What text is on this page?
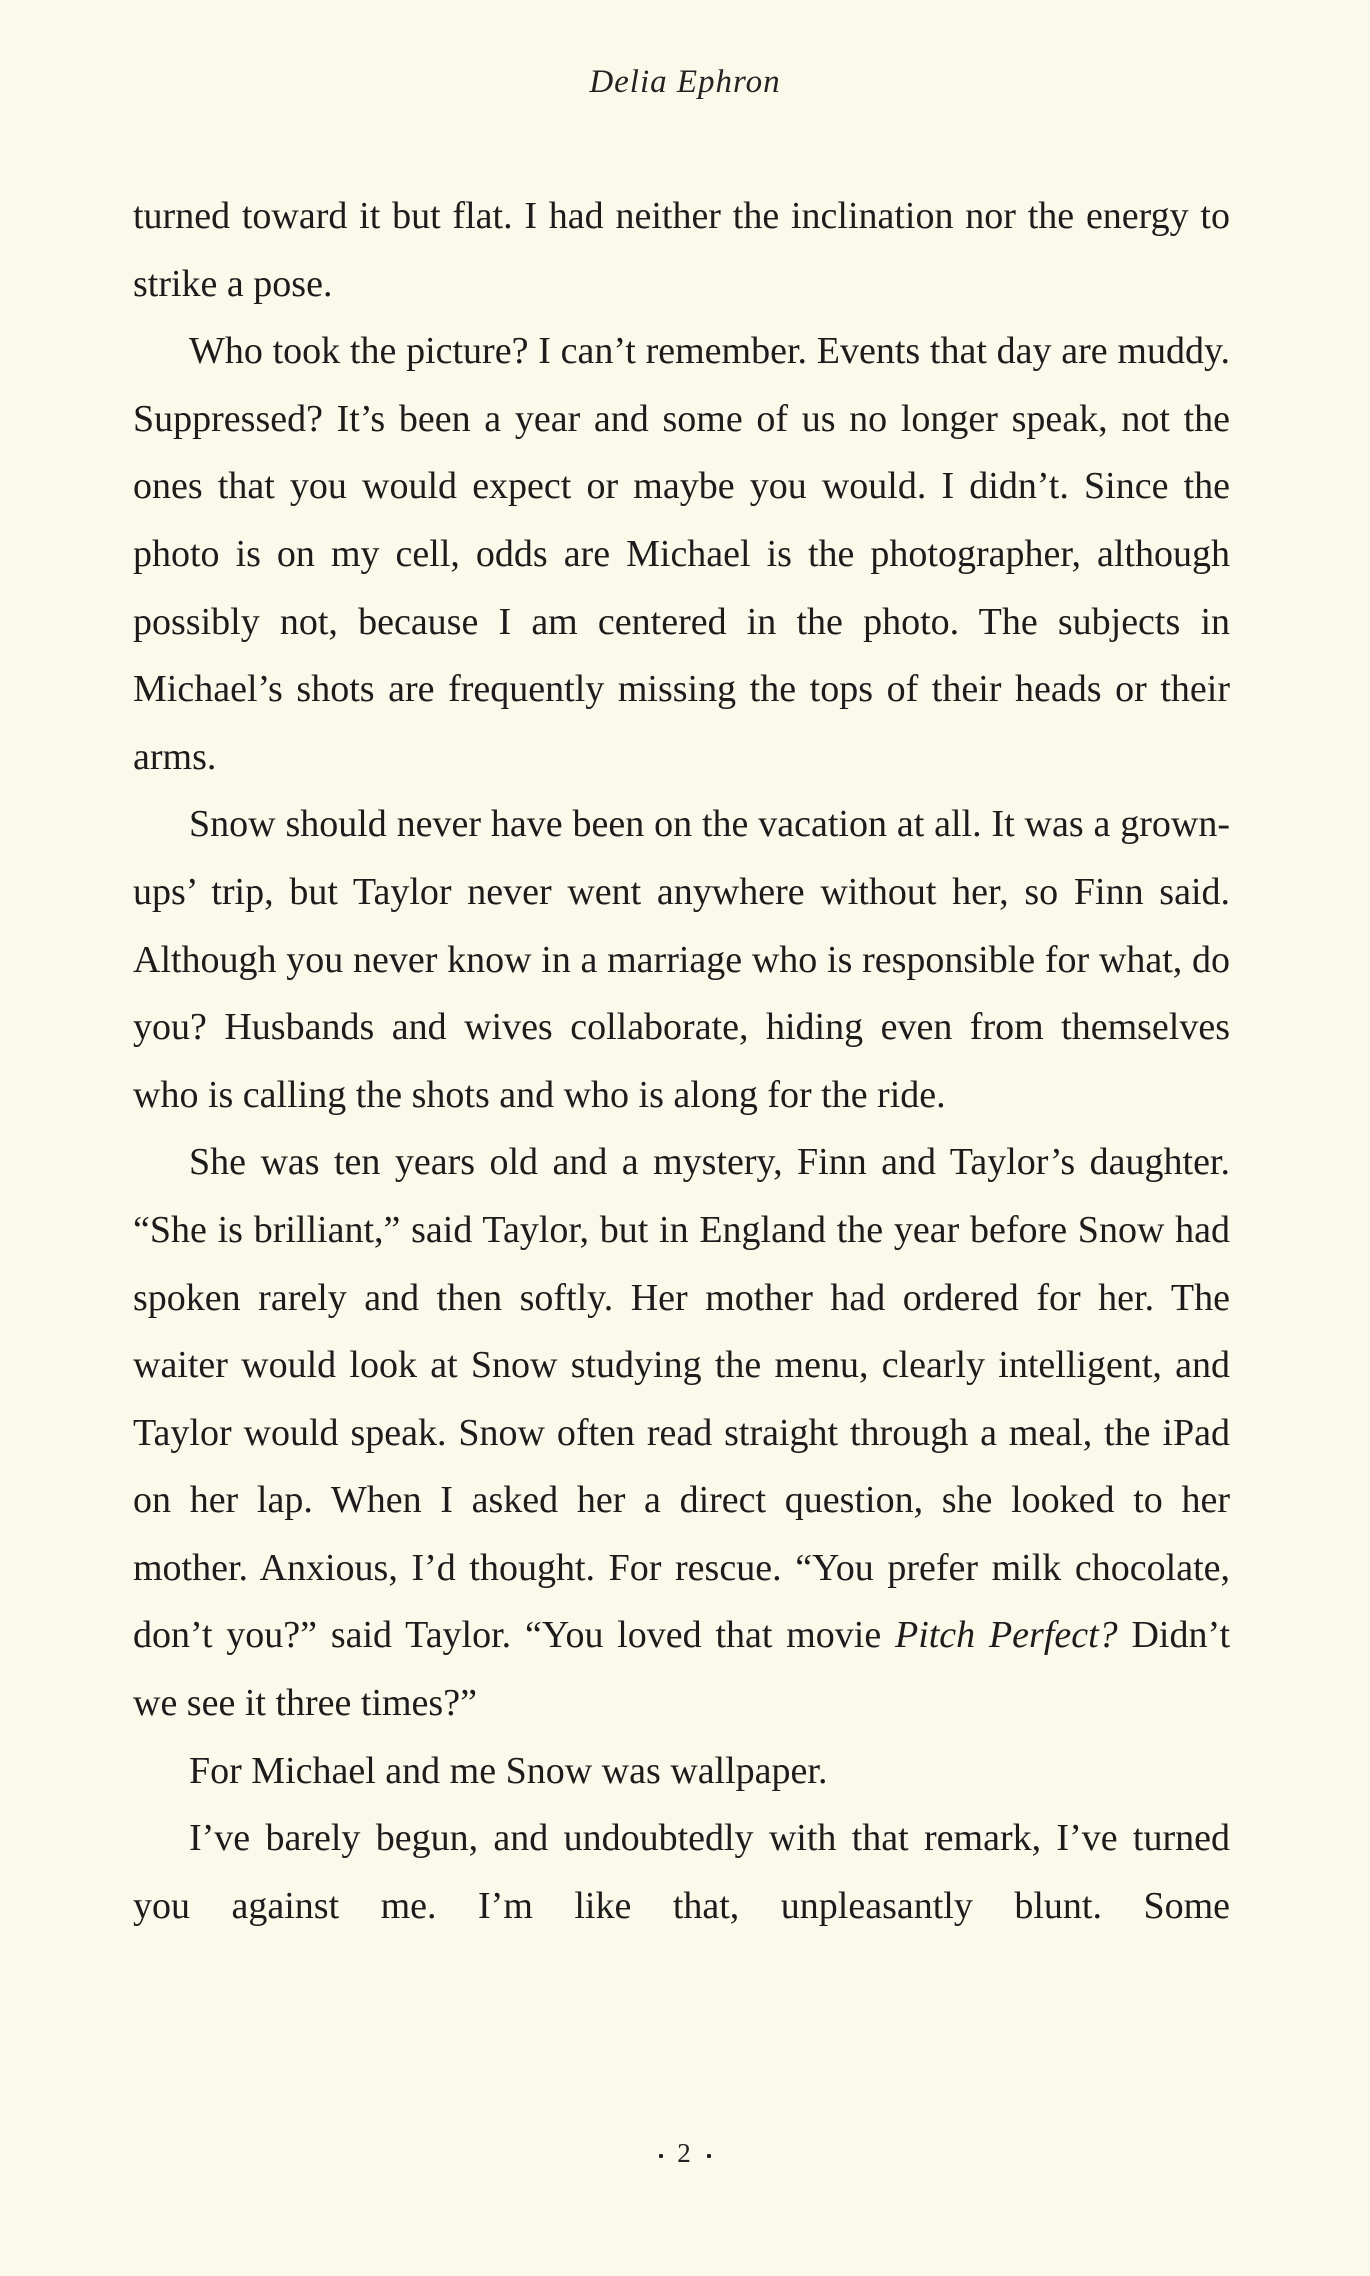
Delia Ephron

turned toward it but flat. I had neither the inclination nor the energy to strike a pose.

Who took the picture? I can’t remember. Events that day are muddy. Suppressed? It’s been a year and some of us no longer speak, not the ones that you would expect or maybe you would. I didn’t. Since the photo is on my cell, odds are Michael is the photographer, although possibly not, because I am centered in the photo. The subjects in Michael’s shots are frequently missing the tops of their heads or their arms.

Snow should never have been on the vacation at all. It was a grown-ups’ trip, but Taylor never went anywhere without her, so Finn said. Although you never know in a marriage who is responsible for what, do you? Husbands and wives collaborate, hiding even from themselves who is calling the shots and who is along for the ride.

She was ten years old and a mystery, Finn and Taylor’s daughter. “She is brilliant,” said Taylor, but in England the year before Snow had spoken rarely and then softly. Her mother had ordered for her. The waiter would look at Snow studying the menu, clearly intelligent, and Taylor would speak. Snow often read straight through a meal, the iPad on her lap. When I asked her a direct question, she looked to her mother. Anxious, I’d thought. For rescue. “You prefer milk chocolate, don’t you?” said Taylor. “You loved that movie Pitch Perfect? Didn’t we see it three times?”

For Michael and me Snow was wallpaper.

I’ve barely begun, and undoubtedly with that remark, I’ve turned you against me. I’m like that, unpleasantly blunt. Some

2
